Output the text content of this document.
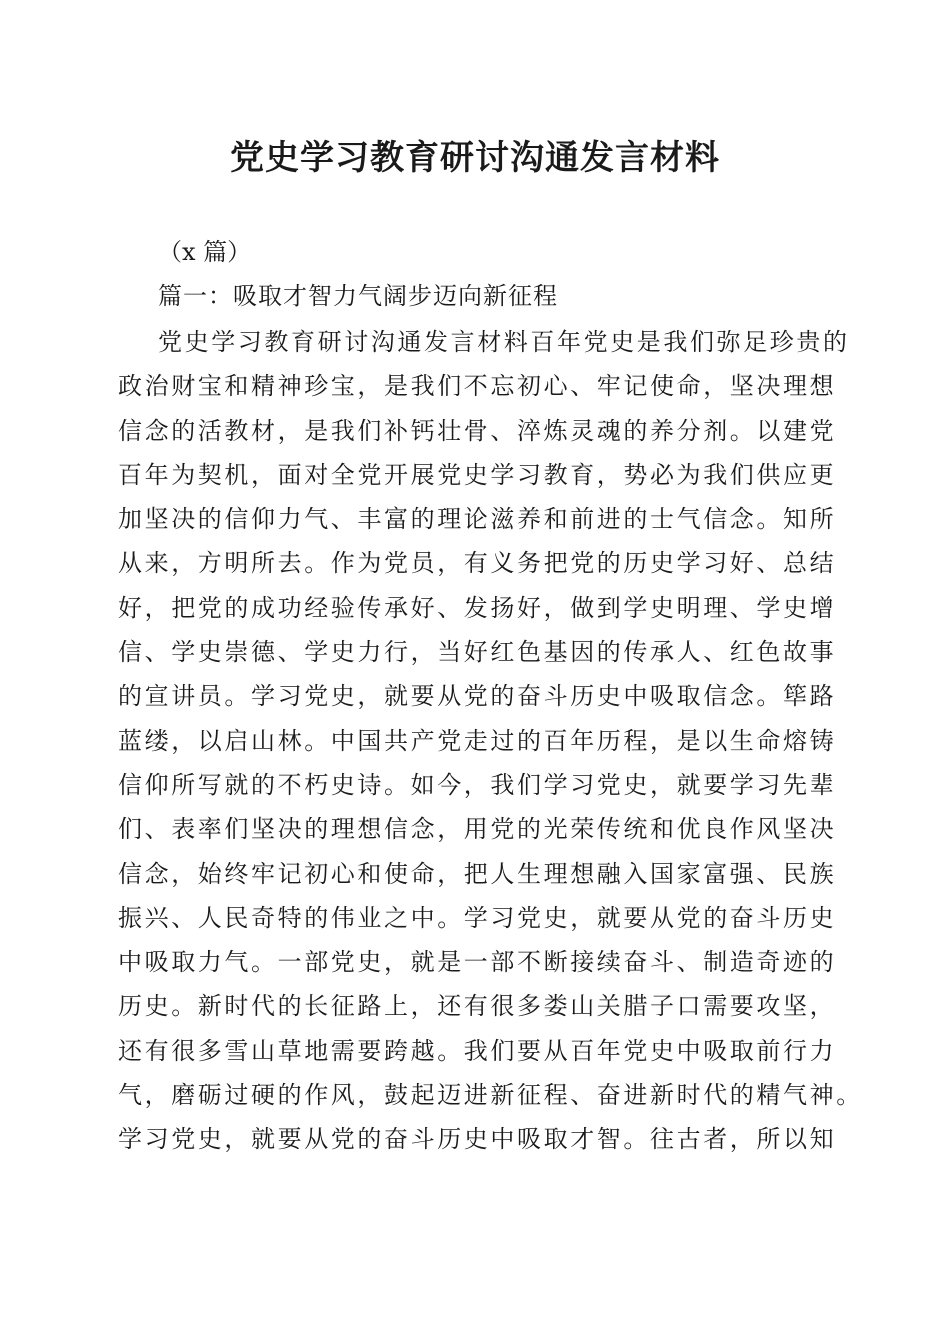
党史学习教育研讨沟通发言材料

（x 篇）

篇一：吸取才智力气阔步迈向新征程

党史学习教育研讨沟通发言材料百年党史是我们弥足珍贵的
政治财宝和精神珍宝，是我们不忘初心、牢记使命，坚决理想
信念的活教材，是我们补钙壮骨、淬炼灵魂的养分剂。以建党
百年为契机，面对全党开展党史学习教育，势必为我们供应更
加坚决的信仰力气、丰富的理论滋养和前进的士气信念。知所
从来，方明所去。作为党员，有义务把党的历史学习好、总结
好，把党的成功经验传承好、发扬好，做到学史明理、学史增
信、学史崇德、学史力行，当好红色基因的传承人、红色故事
的宣讲员。学习党史，就要从党的奋斗历史中吸取信念。筚路
蓝缕，以启山林。中国共产党走过的百年历程，是以生命熔铸
信仰所写就的不朽史诗。如今，我们学习党史，就要学习先辈
们、表率们坚决的理想信念，用党的光荣传统和优良作风坚决
信念，始终牢记初心和使命，把人生理想融入国家富强、民族
振兴、人民奇特的伟业之中。学习党史，就要从党的奋斗历史
中吸取力气。一部党史，就是一部不断接续奋斗、制造奇迹的
历史。新时代的长征路上，还有很多娄山关腊子口需要攻坚，
还有很多雪山草地需要跨越。我们要从百年党史中吸取前行力
气，磨砺过硬的作风，鼓起迈进新征程、奋进新时代的精气神。
学习党史，就要从党的奋斗历史中吸取才智。往古者，所以知
